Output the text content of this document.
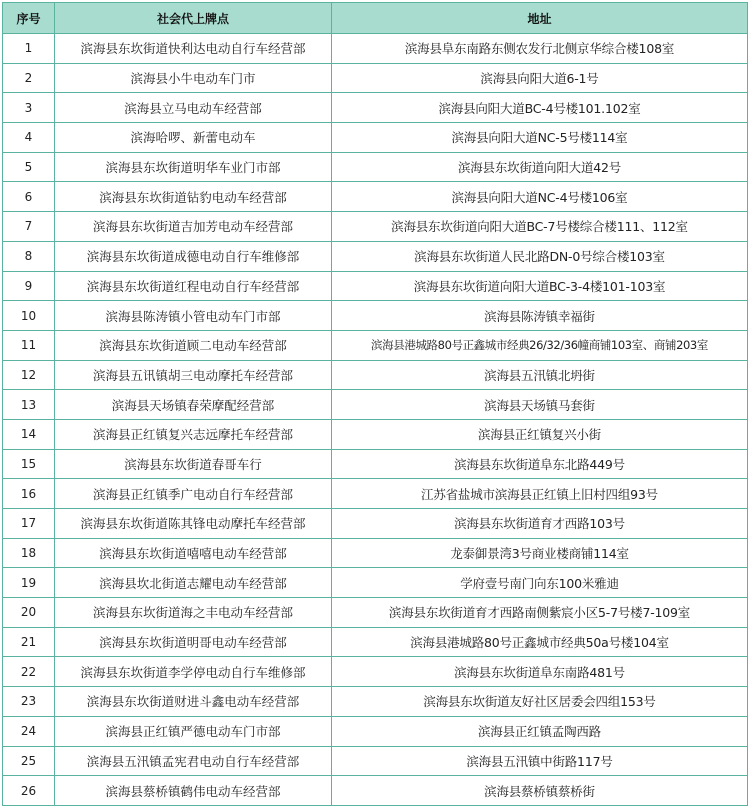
序号	社会代上牌点	地址
1	滨海县东坎街道快利达电动自行车经营部	滨海县阜东南路东侧农发行北侧京华综合楼108室
2	滨海县小牛电动车门市	滨海县向阳大道6-1号
3	滨海县立马电动车经营部	滨海县向阳大道BC-4号楼101.102室
4	滨海哈啰、新蕾电动车	滨海县向阳大道NC-5号楼114室
5	滨海县东坎街道明华车业门市部	滨海县东坎街道向阳大道42号
6	滨海县东坎街道钻豹电动车经营部	滨海县向阳大道NC-4号楼106室
7	滨海县东坎街道吉加芳电动车经营部	滨海县东坎街道向阳大道BC-7号楼综合楼111、112室
8	滨海县东坎街道成德电动自行车维修部	滨海县东坎街道人民北路DN-0号综合楼103室
9	滨海县东坎街道红程电动自行车经营部	滨海县东坎街道向阳大道BC-3-4楼101-103室
10	滨海县陈涛镇小管电动车门市部	滨海县陈涛镇幸福街
11	滨海县东坎街道顾二电动车经营部	滨海县港城路80号正鑫城市经典26/32/36幢商铺103室、商铺203室
12	滨海县五讯镇胡三电动摩托车经营部	滨海县五汛镇北坍街
13	滨海县天场镇春荣摩配经营部	滨海县天场镇马套街
14	滨海县正红镇复兴志远摩托车经营部	滨海县正红镇复兴小街
15	滨海县东坎街道春哥车行	滨海县东坎街道阜东北路449号
16	滨海县正红镇季广电动自行车经营部	江苏省盐城市滨海县正红镇上旧村四组93号
17	滨海县东坎街道陈其锋电动摩托车经营部	滨海县东坎街道育才西路103号
18	滨海县东坎街道嘻嘻电动车经营部	龙泰御景湾3号商业楼商铺114室
19	滨海县坎北街道志耀电动车经营部	学府壹号南门向东100米雅迪
20	滨海县东坎街道海之丰电动车经营部	滨海县东坎街道育才西路南侧紫宸小区5-7号楼7-109室
21	滨海县东坎街道明哥电动车经营部	滨海县港城路80号正鑫城市经典50a号楼104室
22	滨海县东坎街道李学停电动自行车维修部	滨海县东坎街道阜东南路481号
23	滨海县东坎街道财进斗鑫电动车经营部	滨海县东坎街道友好社区居委会四组153号
24	滨海县正红镇严德电动车门市部	滨海县正红镇孟陶西路
25	滨海县五汛镇孟宪君电动自行车经营部	滨海县五汛镇中街路117号
26	滨海县蔡桥镇鹤伟电动车经营部	滨海县蔡桥镇蔡桥街
